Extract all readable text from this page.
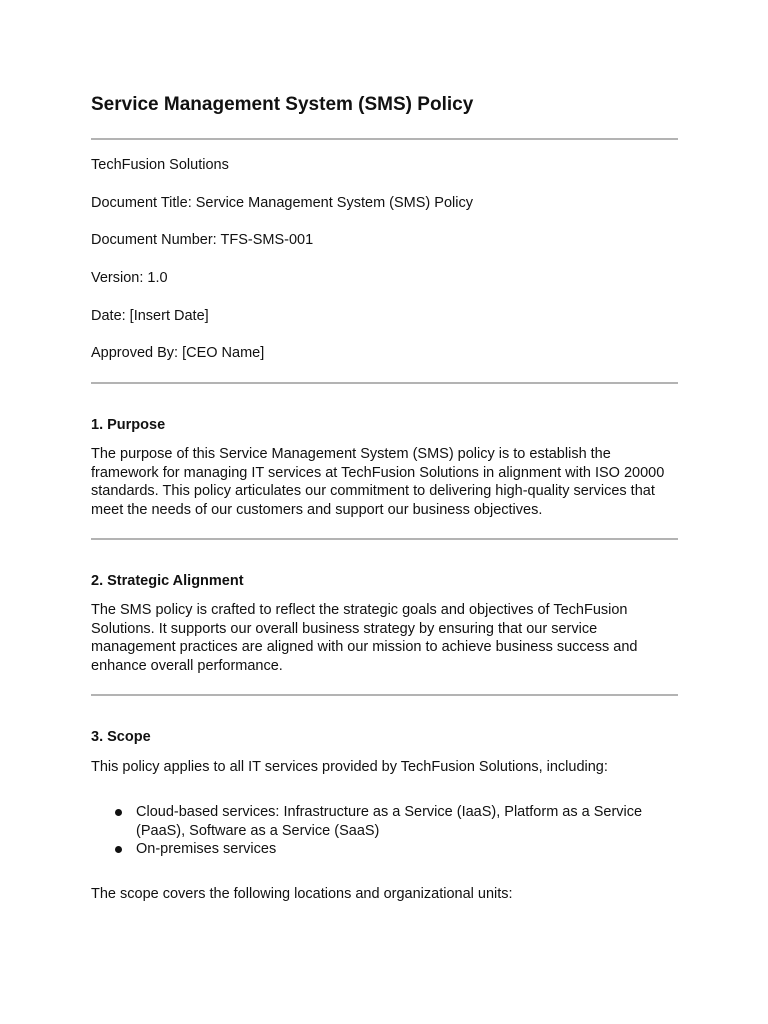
Service Management System (SMS) Policy

TechFusion Solutions

Document Title: Service Management System (SMS) Policy

Document Number: TFS-SMS-001

Version: 1.0

Date: [Insert Date]

Approved By: [CEO Name]

1. Purpose

The purpose of this Service Management System (SMS) policy is to establish the framework for managing IT services at TechFusion Solutions in alignment with ISO 20000 standards. This policy articulates our commitment to delivering high-quality services that meet the needs of our customers and support our business objectives.

2. Strategic Alignment

The SMS policy is crafted to reflect the strategic goals and objectives of TechFusion Solutions. It supports our overall business strategy by ensuring that our service management practices are aligned with our mission to achieve business success and enhance overall performance.

3. Scope

This policy applies to all IT services provided by TechFusion Solutions, including:

Cloud-based services: Infrastructure as a Service (IaaS), Platform as a Service (PaaS), Software as a Service (SaaS)
On-premises services

The scope covers the following locations and organizational units:
